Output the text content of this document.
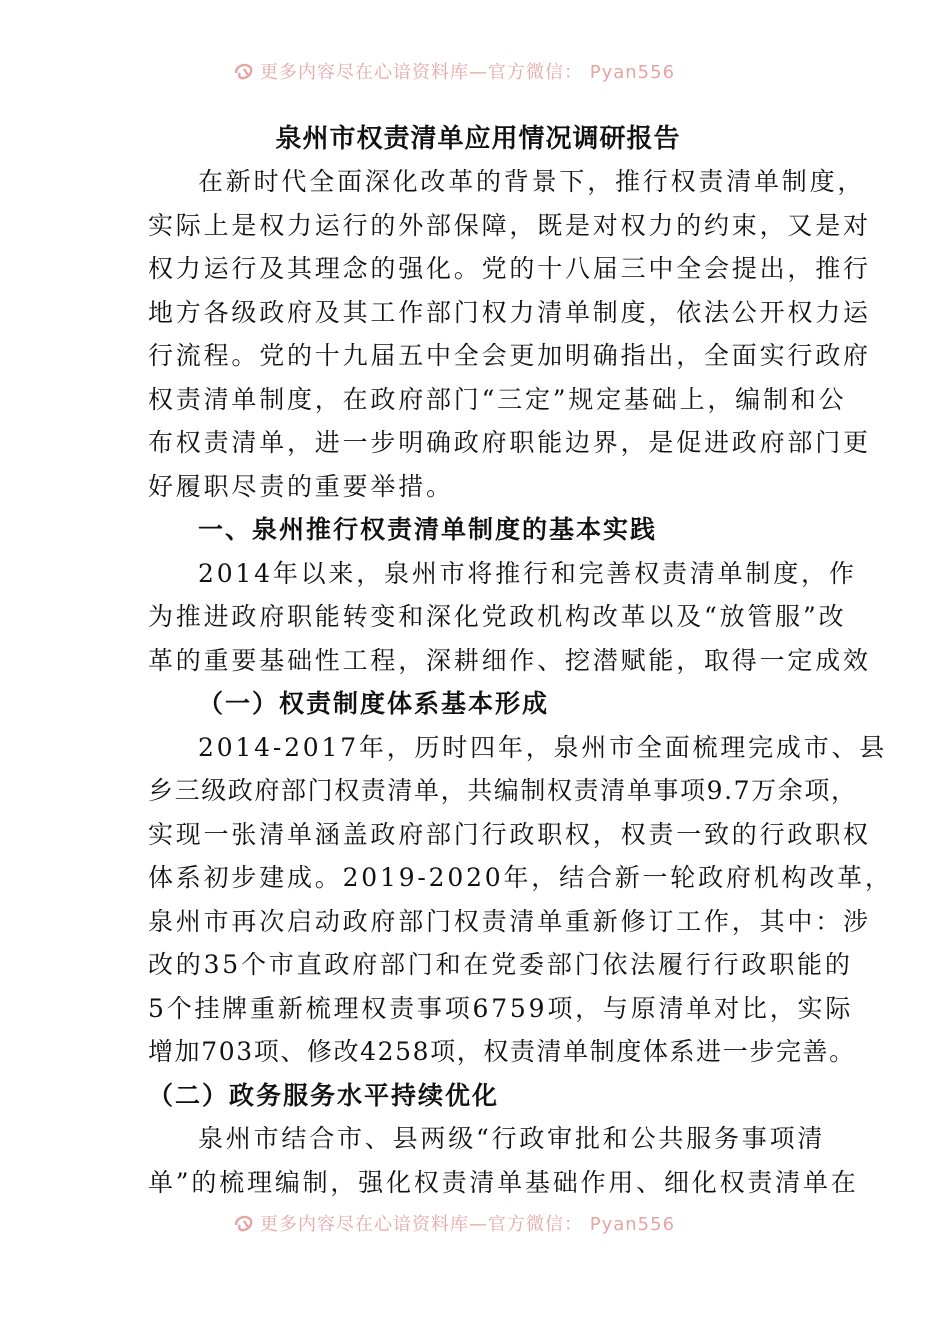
更多内容尽在心谙资料库—官方微信： Pyan556
泉州市权责清单应用情况调研报告
在新时代全面深化改革的背景下，推行权责清单制度，
实际上是权力运行的外部保障，既是对权力的约束，又是对
权力运行及其理念的强化。党的十八届三中全会提出，推行
地方各级政府及其工作部门权力清单制度，依法公开权力运
行流程。党的十九届五中全会更加明确指出，全面实行政府
权责清单制度，在政府部门“三定”规定基础上，编制和公
布权责清单，进一步明确政府职能边界，是促进政府部门更
好履职尽责的重要举措。
一、泉州推行权责清单制度的基本实践
2014年以来，泉州市将推行和完善权责清单制度，作
为推进政府职能转变和深化党政机构改革以及“放管服”改
革的重要基础性工程，深耕细作、挖潜赋能，取得一定成效
（一）权责制度体系基本形成
2014-2017年，历时四年，泉州市全面梳理完成市、县
乡三级政府部门权责清单，共编制权责清单事项9.7万余项，
实现一张清单涵盖政府部门行政职权，权责一致的行政职权
体系初步建成。2019-2020年，结合新一轮政府机构改革，
泉州市再次启动政府部门权责清单重新修订工作，其中：涉
改的35个市直政府部门和在党委部门依法履行行政职能的
5个挂牌重新梳理权责事项6759项，与原清单对比，实际
增加703项、修改4258项，权责清单制度体系进一步完善。
（二）政务服务水平持续优化
泉州市结合市、县两级“行政审批和公共服务事项清
单”的梳理编制，强化权责清单基础作用、细化权责清单在
更多内容尽在心谙资料库—官方微信： Pyan556
